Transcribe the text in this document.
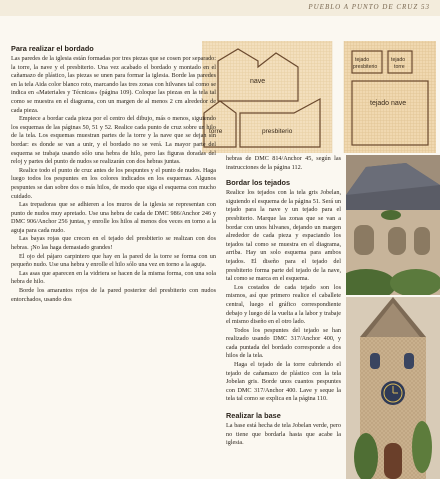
PUEBLO A PUNTO DE CRUZ 53
nave
torre	presbiterio
tejado
presbiterio
tejado
torre
tejado nave
Para realizar el bordado

Las paredes de la iglesia están formadas por tres piezas que se cosen por separado: la torre, la nave y el presbiterio. Una vez acabado el bordado y montado en el cañamazo de plástico, las piezas se unen para formar la iglesia. Borde las paredes en la tela Aida color blanco roto, marcando las tres zonas con hilvanes tal como se indica en «Materiales y Técnicas» (página 109). Coloque las piezas en la tela tal como se muestra en el diagrama, con un margen de al menos 2 cm alrededor de cada pieza.

Empiece a bordar cada pieza por el centro del dibujo, más o menos, siguiendo los esquemas de las páginas 50, 51 y 52. Realice cada punto de cruz sobre un hilo de la tela. Los esquemas muestran partes de la torre y la nave que se dejan sin bordar: es donde se van a unir, y el bordado no se verá. La mayor parte del esquema se trabaja usando sólo una hebra de hilo, pero las figuras doradas del reloj y partes del punto de nudos se realizarán con dos hebras juntas.

Realice todo el punto de cruz antes de los pespuntes y el punto de nudos. Haga luego todos los pespuntes en los colores indicados en los esquemas. Algunos pespuntes se dan sobre dos o más hilos, de modo que siga el esquema con mucho cuidado.

Las trepadoras que se adhieren a los muros de la iglesia se representan con punto de nudos muy apretado. Use una hebra de cada de DMC 986/Anchor 246 y DMC 906/Anchor 256 juntas, y enrolle los hilos al menos dos veces en torno a la aguja para cada nudo.

Las bayas rojas que crecen en el tejado del presbiterio se realizan con dos hebras. ¡No las haga demasiado grandes!

El ojo del pájaro carpintero que hay en la pared de la torre se forma con un pequeño nudo. Use una hebra y enrolle el hilo sólo una vez en torno a la aguja.

Las asas que aparecen en la vidriera se hacen de la misma forma, con una sola hebra de hilo.

Borde los amarantos rojos de la pared posterior del presbiterio con nudos entorchados, usando dos

hebras de DMC 814/Anchor 45, según las instrucciones de la página 112.

Bordar los tejados

Realice los tejados con la tela gris Jobelan, siguiendo el esquema de la página 51. Será un tejado para la nave y un tejado para el presbiterio. Marque las zonas que se van a bordar con unos hilvanes, dejando un margen alrededor de cada pieza y espaciando los tejados tal como se muestra en el diagrama, arriba. Hay un solo esquema para ambos tejados. El diseño para el tejado del presbiterio forma parte del tejado de la nave, tal como se marca en el esquema.

Los costados de cada tejado son los mismos, así que primero realice el caballete central, luego el gráfico correspondiente debajo y luego dé la vuelta a la labor y trabaje el mismo diseño en el otro lado.

Todos los pespuntes del tejado se han realizado usando DMC 317/Anchor 400, y cada puntada del bordado corresponde a dos hilos de la tela.

Haga el tejado de la torre cubriendo el tejado de cañamazo de plástico con la tela Jobelan gris. Borde unos cuantos pespuntes con DMC 317/Anchor 400. Lave y seque la tela tal como se explica en la página 110.

Realizar la base

La base está hecha de tela Jobelan verde, pero no tiene que bordarla hasta que acabe la iglesia.
